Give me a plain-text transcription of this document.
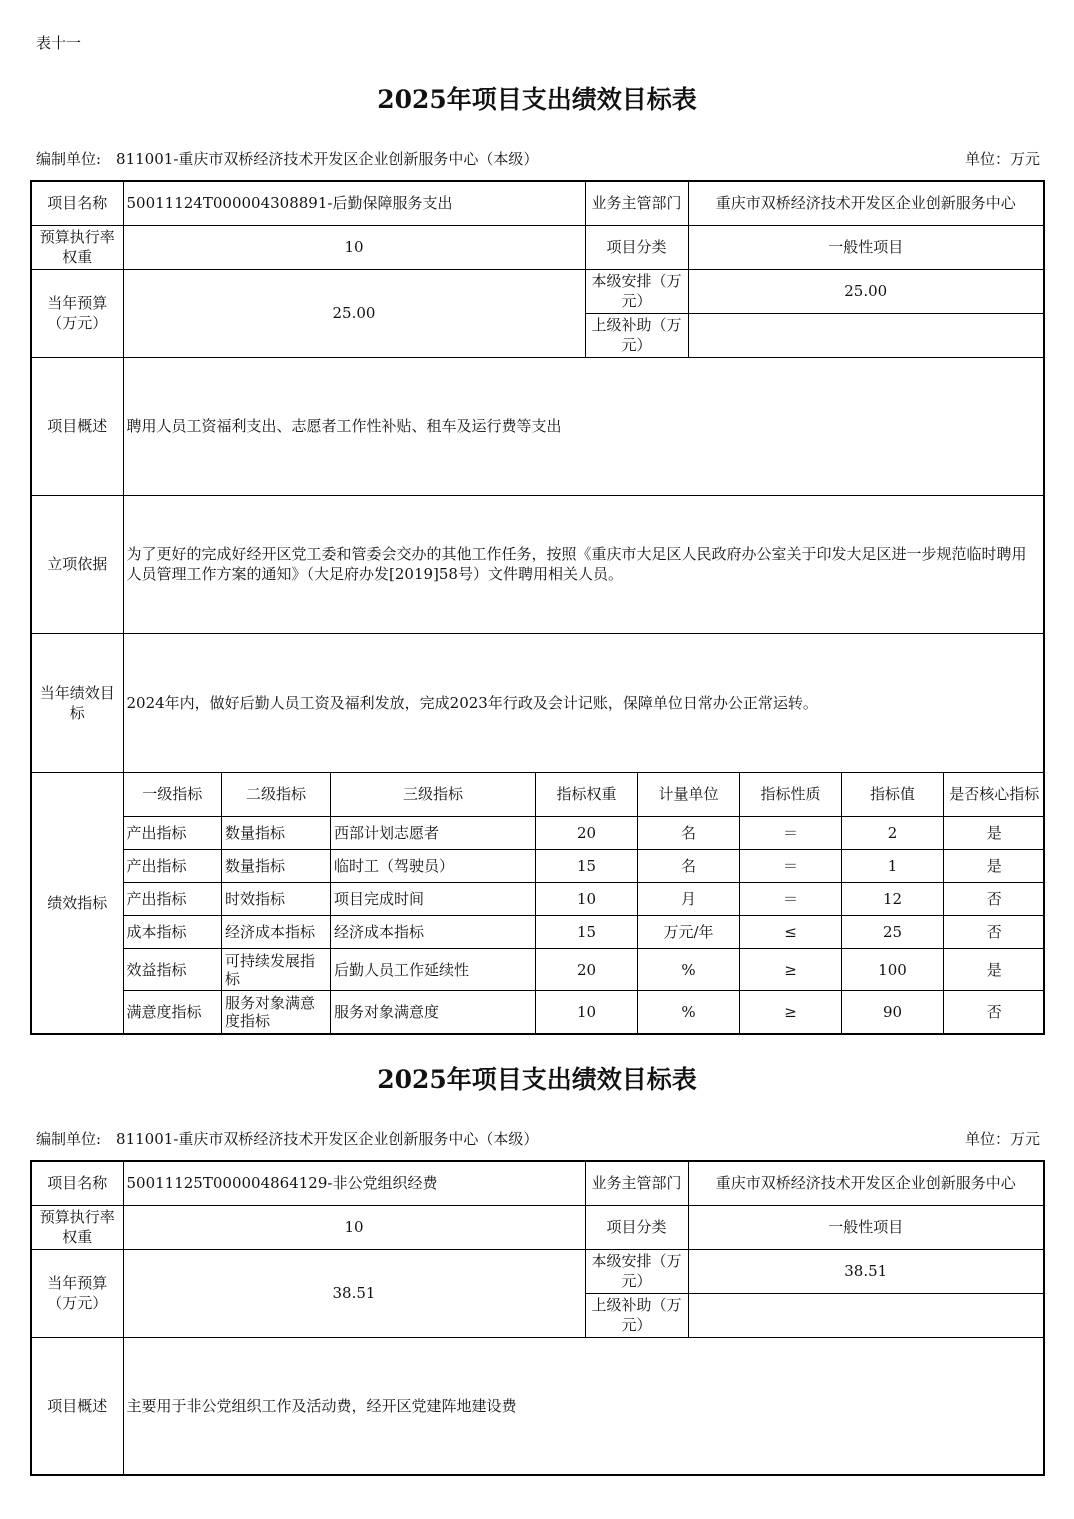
表十一
2025年项目支出绩效目标表
编制单位:　811001-重庆市双桥经济技术开发区企业创新服务中心（本级）	单位：万元
项目名称	50011124T000004308891-后勤保障服务支出	业务主管部门	重庆市双桥经济技术开发区企业创新服务中心
预算执行率权重	10	项目分类	一般性项目
当年预算（万元）	25.00	本级安排（万元）	25.00
上级补助（万元）	
项目概述	聘用人员工资福利支出、志愿者工作性补贴、租车及运行费等支出
立项依据	为了更好的完成好经开区党工委和管委会交办的其他工作任务，按照《重庆市大足区人民政府办公室关于印发大足区进一步规范临时聘用人员管理工作方案的通知》（大足府办发[2019]58号）文件聘用相关人员。
当年绩效目标	2024年内，做好后勤人员工资及福利发放，完成2023年行政及会计记账，保障单位日常办公正常运转。
绩效指标	
一级指标	二级指标	三级指标	指标权重	计量单位	指标性质	指标值	是否核心指标
产出指标	数量指标	西部计划志愿者	20	名	＝	2	是
产出指标	数量指标	临时工（驾驶员）	15	名	＝	1	是
产出指标	时效指标	项目完成时间	10	月	＝	12	否
成本指标	经济成本指标	经济成本指标	15	万元/年	≤	25	否
效益指标	可持续发展指标	后勤人员工作延续性	20	%	≥	100	是
满意度指标	服务对象满意度指标	服务对象满意度	10	%	≥	90	否
2025年项目支出绩效目标表
编制单位:　811001-重庆市双桥经济技术开发区企业创新服务中心（本级）	单位：万元
项目名称	50011125T000004864129-非公党组织经费	业务主管部门	重庆市双桥经济技术开发区企业创新服务中心
预算执行率权重	10	项目分类	一般性项目
当年预算（万元）	38.51	本级安排（万元）	38.51
		上级补助（万元）	
项目概述	主要用于非公党组织工作及活动费，经开区党建阵地建设费		
